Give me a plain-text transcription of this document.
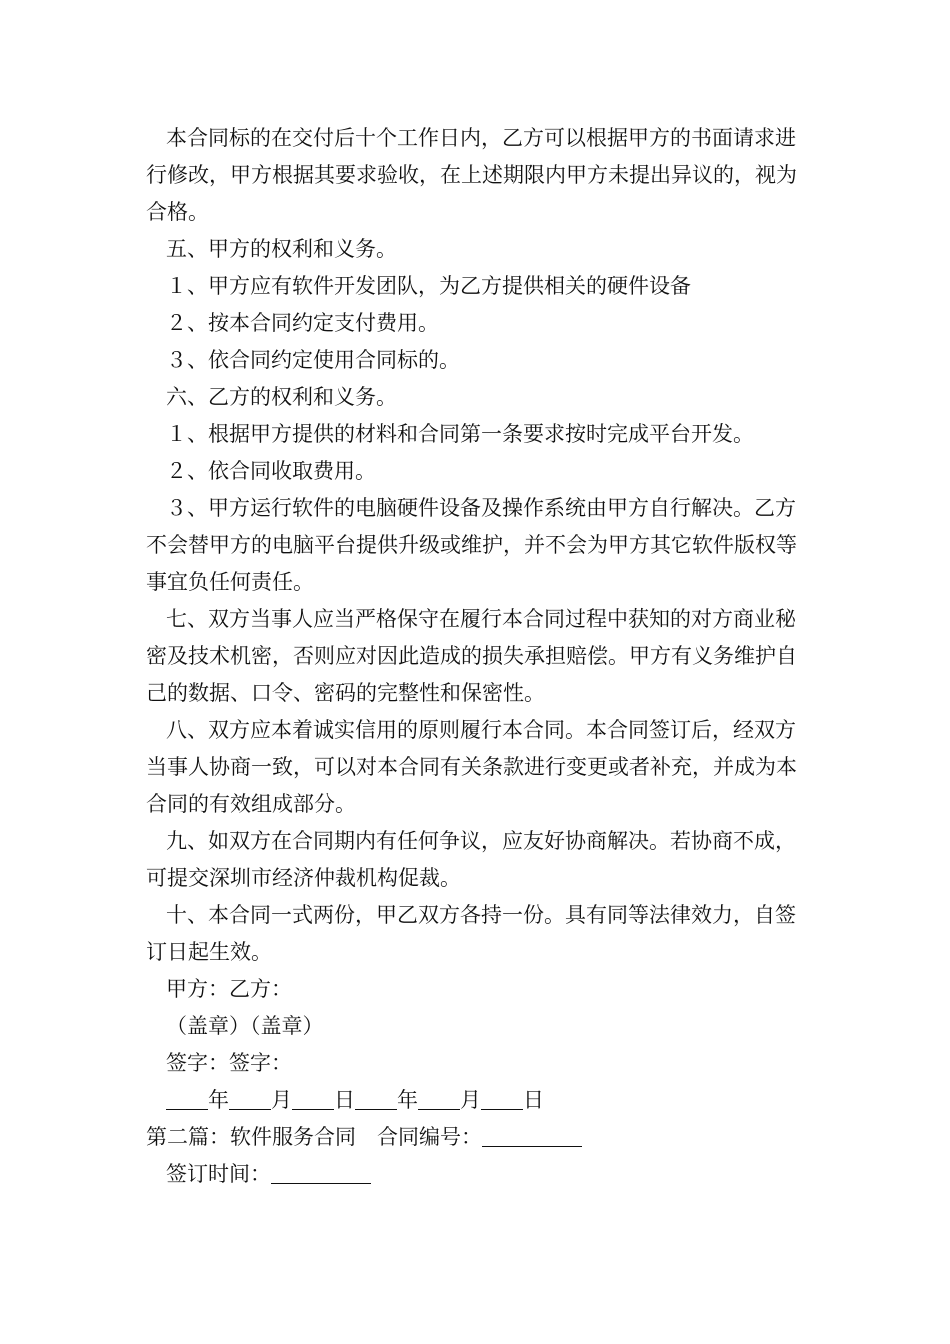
本合同标的在交付后十个工作日内，乙方可以根据甲方的书面请求进行修改，甲方根据其要求验收，在上述期限内甲方未提出异议的，视为合格。

五、甲方的权利和义务。

１、甲方应有软件开发团队，为乙方提供相关的硬件设备

２、按本合同约定支付费用。

３、依合同约定使用合同标的。

六、乙方的权利和义务。

１、根据甲方提供的材料和合同第一条要求按时完成平台开发。

２、依合同收取费用。

３、甲方运行软件的电脑硬件设备及操作系统由甲方自行解决。乙方不会替甲方的电脑平台提供升级或维护，并不会为甲方其它软件版权等事宜负任何责任。

七、双方当事人应当严格保守在履行本合同过程中获知的对方商业秘密及技术机密，否则应对因此造成的损失承担赔偿。甲方有义务维护自己的数据、口令、密码的完整性和保密性。

八、双方应本着诚实信用的原则履行本合同。本合同签订后，经双方当事人协商一致，可以对本合同有关条款进行变更或者补充，并成为本合同的有效组成部分。

九、如双方在合同期内有任何争议，应友好协商解决。若协商不成，可提交深圳市经济仲裁机构促裁。

十、本合同一式两份，甲乙双方各持一份。具有同等法律效力，自签订日起生效。

甲方：乙方：

（盖章）（盖章）

签字：签字：

年 月 日 年 月 日

第二篇：软件服务合同　合同编号：

签订时间：
